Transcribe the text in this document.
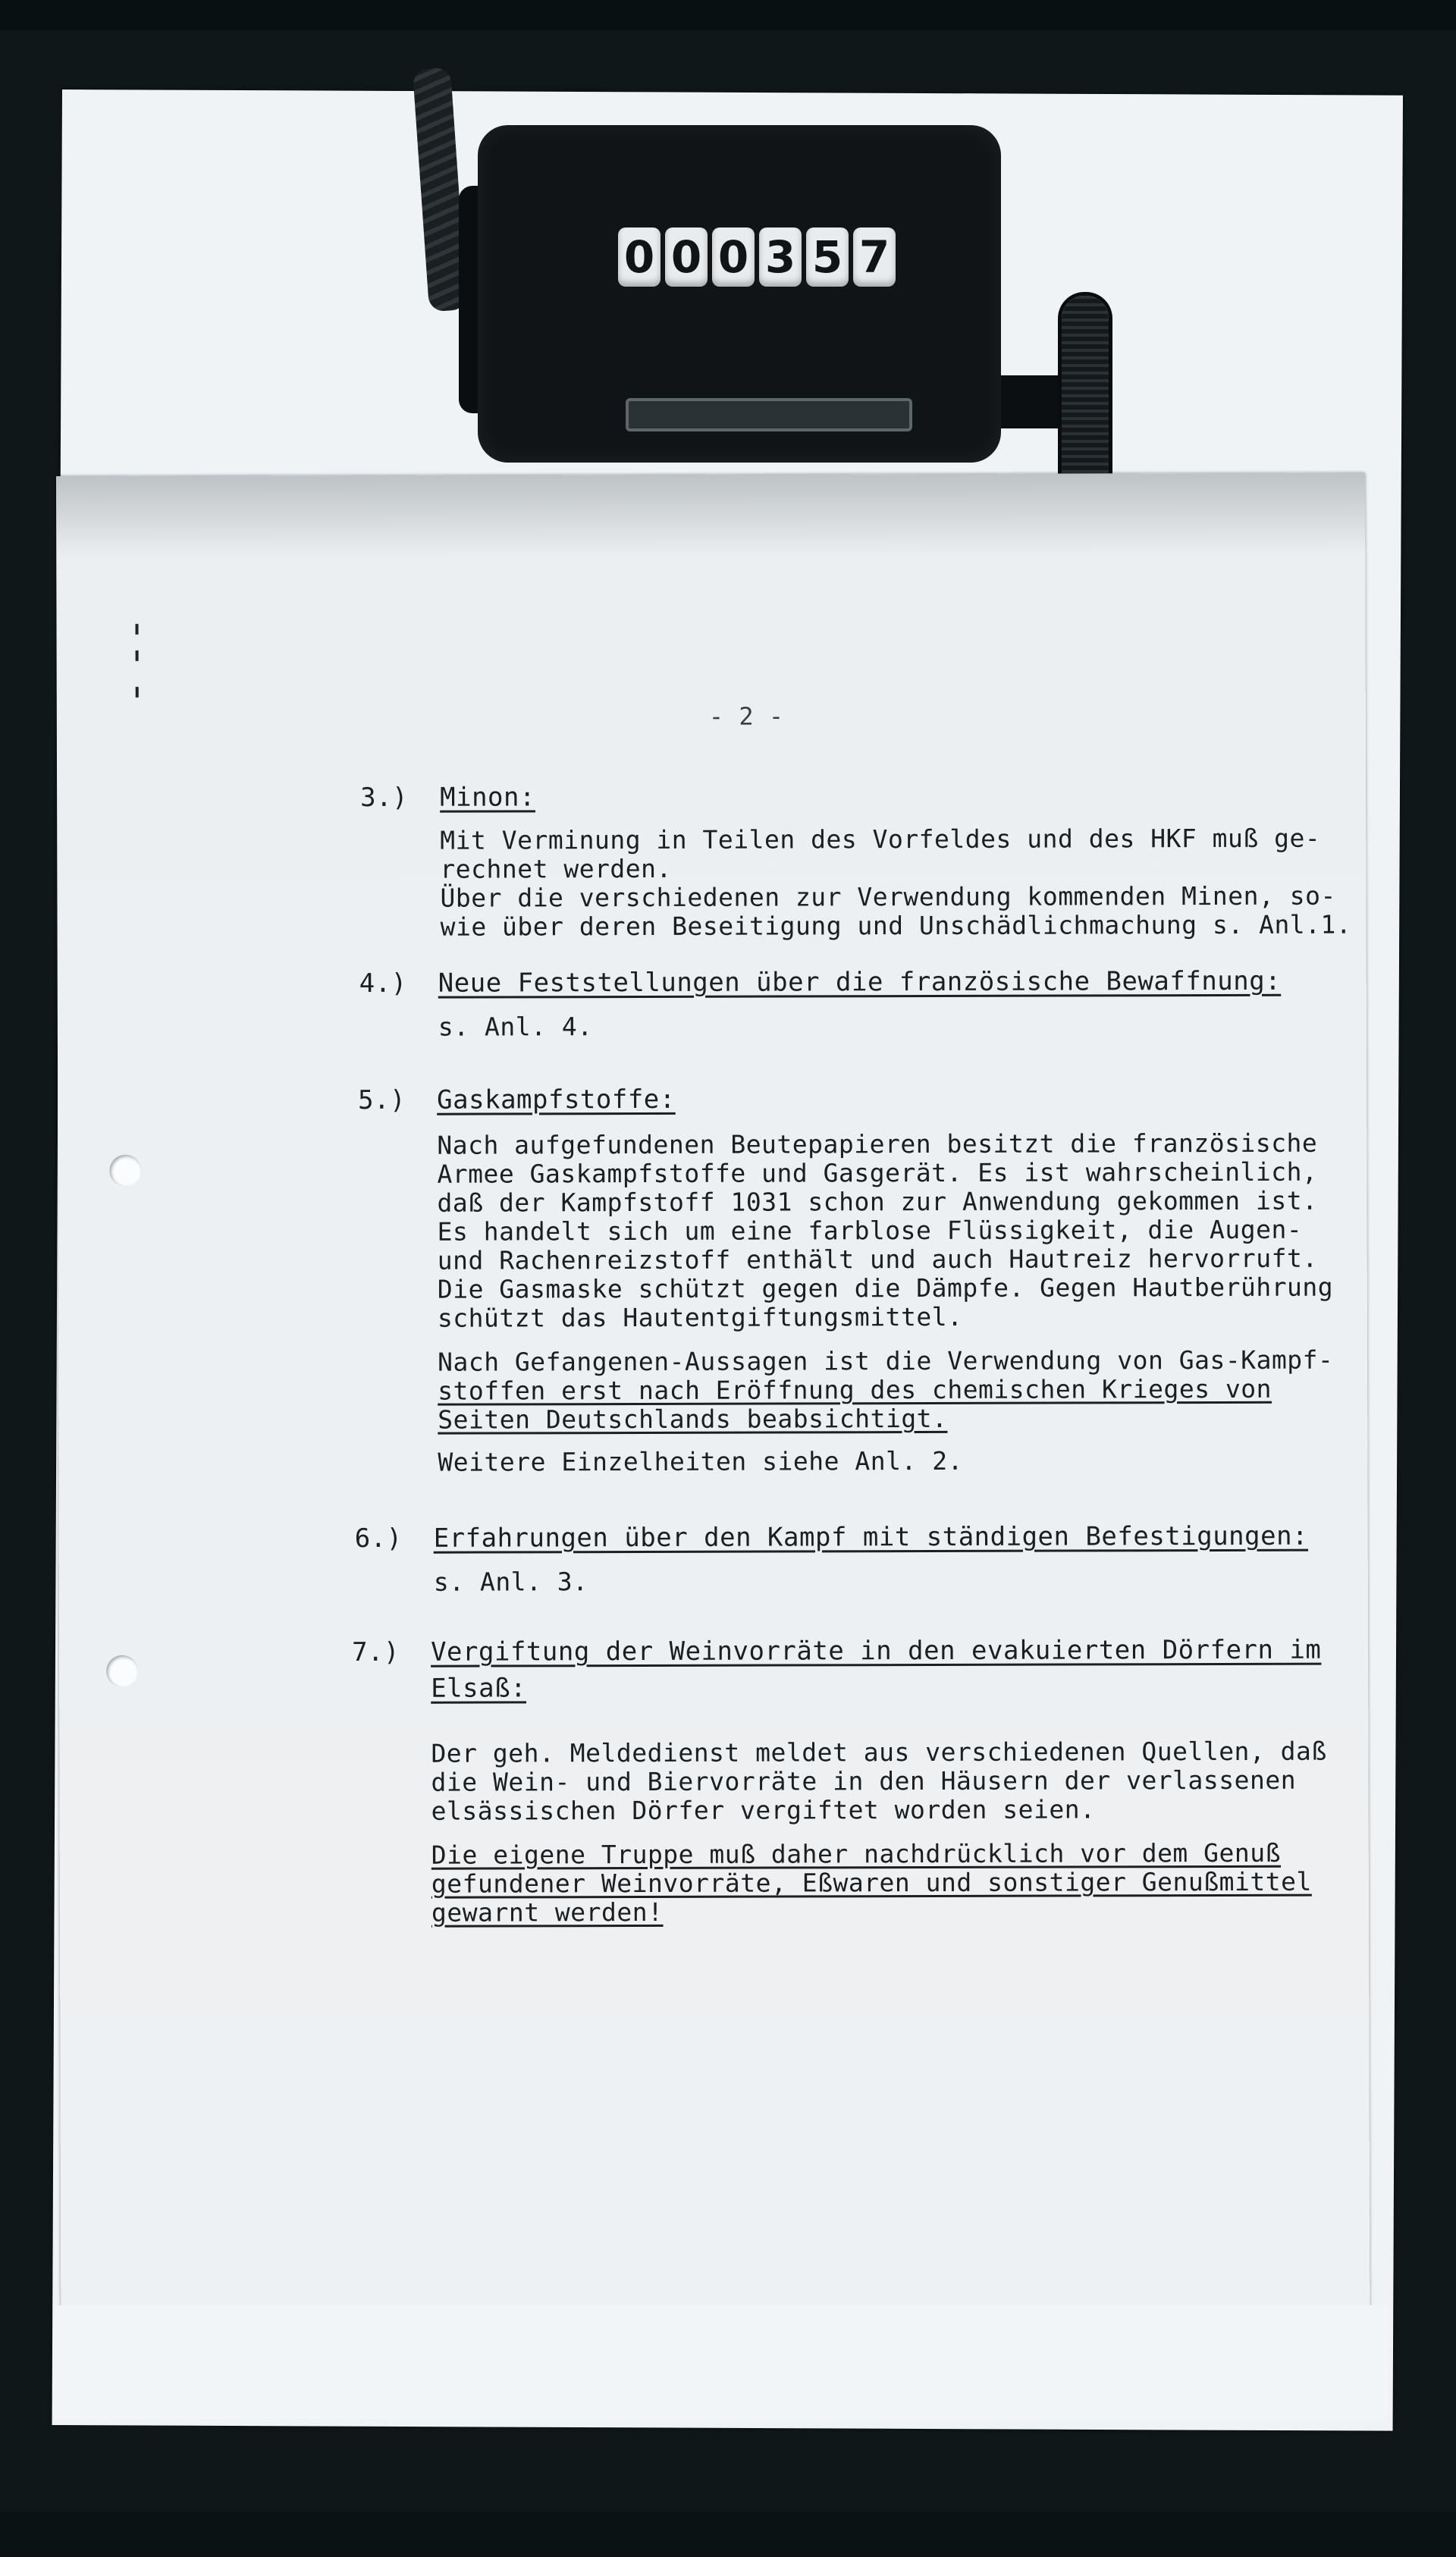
0 0 0 3 5 7
- 2 -
3.) Minon:
Mit Verminung in Teilen des Vorfeldes und des HKF muß ge-
rechnet werden.
Über die verschiedenen zur Verwendung kommenden Minen, so-
wie über deren Beseitigung und Unschädlichmachung s. Anl.1.
4.) Neue Feststellungen über die französische Bewaffnung:
s. Anl. 4.
5.) Gaskampfstoffe:
Nach aufgefundenen Beutepapieren besitzt die französische
Armee Gaskampfstoffe und Gasgerät. Es ist wahrscheinlich,
daß der Kampfstoff 1031 schon zur Anwendung gekommen ist.
Es handelt sich um eine farblose Flüssigkeit, die Augen-
und Rachenreizstoff enthält und auch Hautreiz hervorruft.
Die Gasmaske schützt gegen die Dämpfe. Gegen Hautberührung
schützt das Hautentgiftungsmittel.
Nach Gefangenen-Aussagen ist die Verwendung von Gas-Kampf-
stoffen erst nach Eröffnung des chemischen Krieges von
Seiten Deutschlands beabsichtigt.
Weitere Einzelheiten siehe Anl. 2.
6.) Erfahrungen über den Kampf mit ständigen Befestigungen:
s. Anl. 3.
7.) Vergiftung der Weinvorräte in den evakuierten Dörfern im
Elsaß:
Der geh. Meldedienst meldet aus verschiedenen Quellen, daß
die Wein- und Biervorräte in den Häusern der verlassenen
elsässischen Dörfer vergiftet worden seien.
Die eigene Truppe muß daher nachdrücklich vor dem Genuß
gefundener Weinvorräte, Eßwaren und sonstiger Genußmittel
gewarnt werden!
